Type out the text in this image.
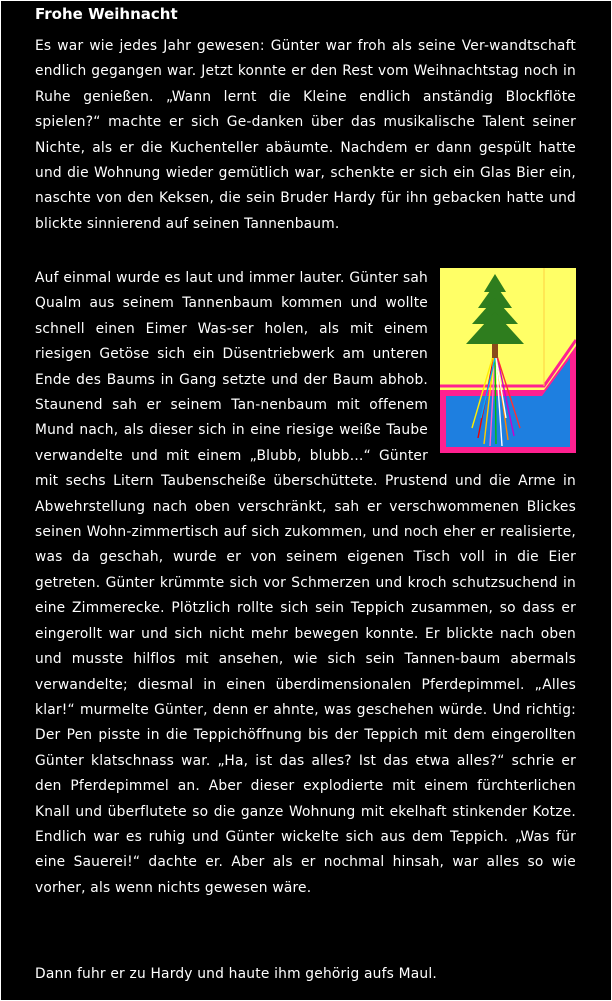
Frohe Weihnacht

Es war wie jedes Jahr gewesen: Günter war froh als seine Ver-wandtschaft endlich gegangen war. Jetzt konnte er den Rest vom Weihnachtstag noch in Ruhe genießen. „Wann lernt die Kleine endlich anständig Blockflöte spielen?“ machte er sich Ge-danken über das musikalische Talent seiner Nichte, als er die Kuchenteller abäumte. Nachdem er dann gespült hatte und die Wohnung wieder gemütlich war, schenkte er sich ein Glas Bier ein, naschte von den Keksen, die sein Bruder Hardy für ihn gebacken hatte und blickte sinnierend auf seinen Tannenbaum.

Auf einmal wurde es laut und immer lauter. Günter sah Qualm aus seinem Tannenbaum kommen und wollte schnell einen Eimer Was-ser holen, als mit einem riesigen Getöse sich ein Düsentriebwerk am unteren Ende des Baums in Gang setzte und der Baum abhob. Staunend sah er seinem Tan-nenbaum mit offenem Mund nach, als dieser sich in eine riesige weiße Taube verwandelte und mit einem „Blubb, blubb…“ Günter mit sechs Litern Taubenscheiße überschüttete. Prustend und die Arme in Abwehrstellung nach oben verschränkt, sah er verschwommenen Blickes seinen Wohn-zimmertisch auf sich zukommen, und noch eher er realisierte, was da geschah, wurde er von seinem eigenen Tisch voll in die Eier getreten. Günter krümmte sich vor Schmerzen und kroch schutzsuchend in eine Zimmerecke. Plötzlich rollte sich sein Teppich zusammen, so dass er eingerollt war und sich nicht mehr bewegen konnte. Er blickte nach oben und musste hilflos mit ansehen, wie sich sein Tannen-baum abermals verwandelte; diesmal in einen überdimensionalen Pferdepimmel. „Alles klar!“ murmelte Günter, denn er ahnte, was geschehen würde. Und richtig: Der Pen pisste in die Teppichöffnung bis der Teppich mit dem eingerollten Günter klatschnass war. „Ha, ist das alles? Ist das etwa alles?“ schrie er den Pferdepimmel an. Aber dieser explodierte mit einem fürchterlichen Knall und überflutete so die ganze Wohnung mit ekelhaft stinkender Kotze. Endlich war es ruhig und Günter wickelte sich aus dem Teppich. „Was für eine Sauerei!“ dachte er. Aber als er nochmal hinsah, war alles so wie vorher, als wenn nichts gewesen wäre.

Dann fuhr er zu Hardy und haute ihm gehörig aufs Maul.
